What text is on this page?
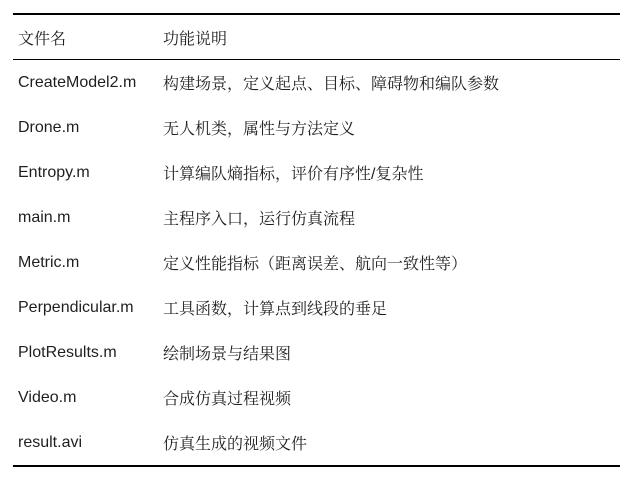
文件名	功能说明
CreateModel2.m	构建场景，定义起点、目标、障碍物和编队参数
Drone.m	无人机类，属性与方法定义
Entropy.m	计算编队熵指标，评价有序性/复杂性
main.m	主程序入口，运行仿真流程
Metric.m	定义性能指标（距离误差、航向一致性等）
Perpendicular.m	工具函数，计算点到线段的垂足
PlotResults.m	绘制场景与结果图
Video.m	合成仿真过程视频
result.avi	仿真生成的视频文件
